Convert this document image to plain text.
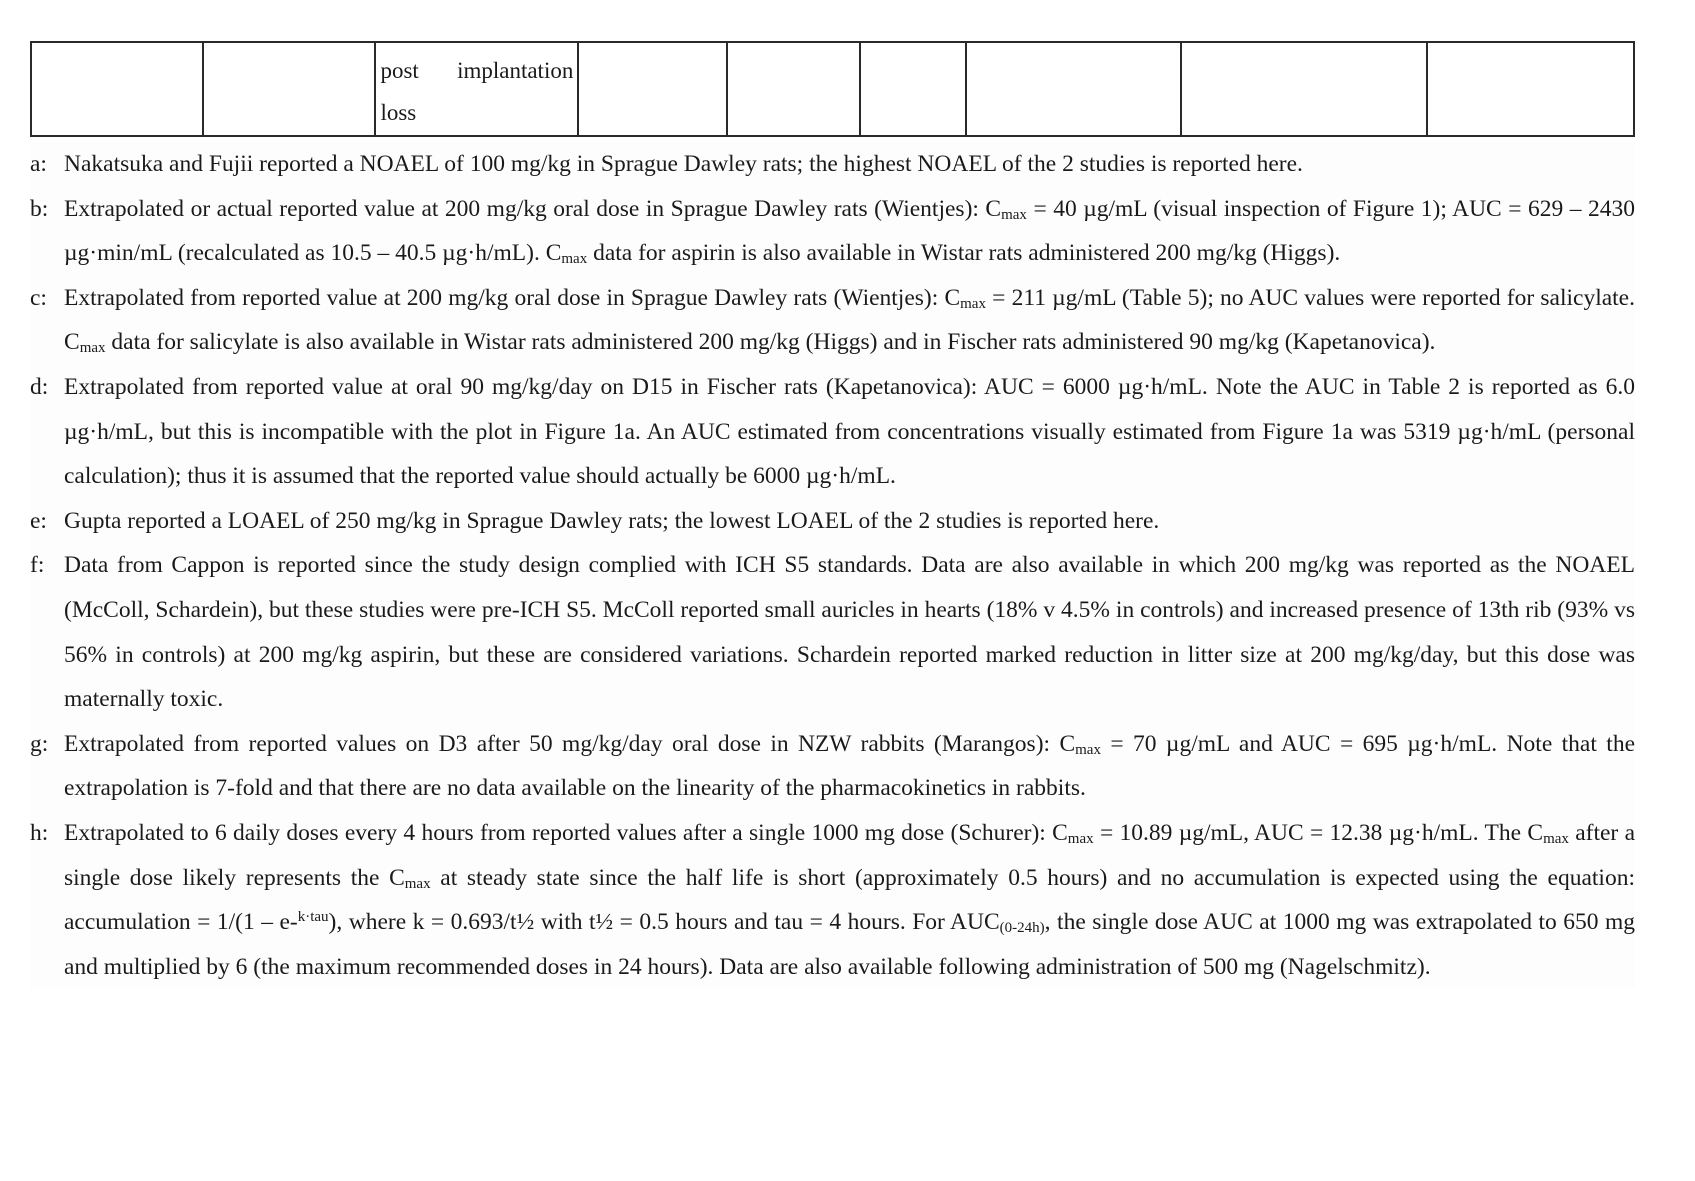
post implantation
loss

a: Nakatsuka and Fujii reported a NOAEL of 100 mg/kg in Sprague Dawley rats; the highest NOAEL of the 2 studies is reported here.
b: Extrapolated or actual reported value at 200 mg/kg oral dose in Sprague Dawley rats (Wientjes): $C_{max} = 40$ µg/mL (visual inspection of Figure 1); AUC = 629 – 2430 µg·min/mL (recalculated as 10.5 – 40.5 µg·h/mL). $C_{max}$ data for aspirin is also available in Wistar rats administered 200 mg/kg (Higgs).
c: Extrapolated from reported value at 200 mg/kg oral dose in Sprague Dawley rats (Wientjes): $C_{max} = 211$ µg/mL (Table 5); no AUC values were reported for salicylate. $C_{max}$ data for salicylate is also available in Wistar rats administered 200 mg/kg (Higgs) and in Fischer rats administered 90 mg/kg (Kapetanovica).
d: Extrapolated from reported value at oral 90 mg/kg/day on D15 in Fischer rats (Kapetanovica): AUC = 6000 µg·h/mL. Note the AUC in Table 2 is reported as 6.0 µg·h/mL, but this is incompatible with the plot in Figure 1a. An AUC estimated from concentrations visually estimated from Figure 1a was 5319 µg·h/mL (personal calculation); thus it is assumed that the reported value should actually be 6000 µg·h/mL.
e: Gupta reported a LOAEL of 250 mg/kg in Sprague Dawley rats; the lowest LOAEL of the 2 studies is reported here.
f: Data from Cappon is reported since the study design complied with ICH S5 standards. Data are also available in which 200 mg/kg was reported as the NOAEL (McColl, Schardein), but these studies were pre-ICH S5. McColl reported small auricles in hearts (18% v 4.5% in controls) and increased presence of 13th rib (93% vs 56% in controls) at 200 mg/kg aspirin, but these are considered variations. Schardein reported marked reduction in litter size at 200 mg/kg/day, but this dose was maternally toxic.
g: Extrapolated from reported values on D3 after 50 mg/kg/day oral dose in NZW rabbits (Marangos): $C_{max} = 70$ µg/mL and AUC = 695 µg·h/mL. Note that the extrapolation is 7-fold and that there are no data available on the linearity of the pharmacokinetics in rabbits.
h: Extrapolated to 6 daily doses every 4 hours from reported values after a single 1000 mg dose (Schurer): $C_{max} = 10.89$ µg/mL, AUC = 12.38 µg·h/mL. The $C_{max}$ after a single dose likely represents the $C_{max}$ at steady state since the half life is short (approximately 0.5 hours) and no accumulation is expected using the equation: accumulation = 1/(1 – e-$^{k\cdot tau}$), where k = 0.693/t½ with t½ = 0.5 hours and tau = 4 hours. For $AUC_{(0-24h)}$, the single dose AUC at 1000 mg was extrapolated to 650 mg and multiplied by 6 (the maximum recommended doses in 24 hours). Data are also available following administration of 500 mg (Nagelschmitz).
